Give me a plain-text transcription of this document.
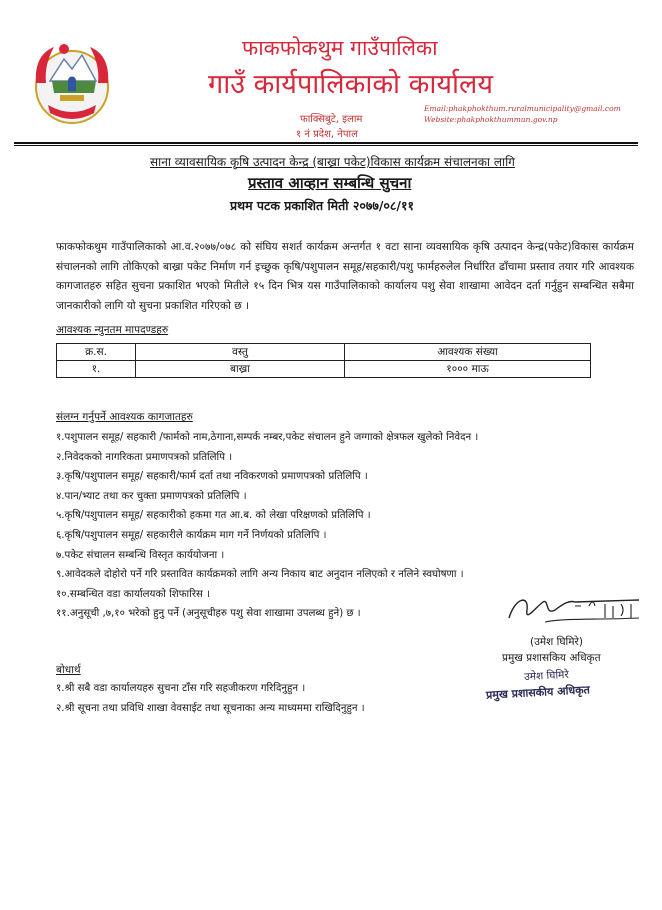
फाकफोकथुम गाउँपालिका
गाउँ कार्यपालिकाको कार्यालय
फाक्सिबुटे, इलाम
१ नं प्रदेश, नेपाल
Email:phakphokthum.ruralmunicipality@gmail.com
Website:phakphokthummun.gov.np
साना व्यावसायिक कृषि उत्पादन केन्द्र (बाख्रा पकेट)विकास कार्यक्रम संचालनका लागि
प्रस्ताव आव्हान सम्बन्धि सुचना
प्रथम पटक प्रकाशित मिती २०७७/०८/११
फाकफोकथुम गाउँपालिकाको आ.व.२०७७/०७८ को संघिय सशर्त कार्यक्रम अन्तर्गत १ वटा साना व्यवसायिक कृषि उत्पादन केन्द्र(पकेट)विकास कार्यक्रम संचालनको लागि तोकिएको बाख्रा पकेट निर्माण गर्न इच्छुक कृषि/पशुपालन समूह/सहकारी/पशु फार्महरुलेल निर्धारित ढाँचामा प्रस्ताव तयार गरि आवश्यक कागजातहरु सहित सुचना प्रकाशित भएको मितीले १५ दिन भित्र यस गाउँपालिकाको कार्यालय पशु सेवा शाखामा आवेदन दर्ता गर्नुहुन सम्बन्धित सबैमा जानकारीको लागि यो सुचना प्रकाशित गरिएको छ ।
आवश्यक न्युनतम मापदण्डहरु
क्र.स.	वस्तु	आवश्यक संख्या
१.	बाख्रा	१००० माऊ
संलग्न गर्नुपर्ने आवश्यक कागजातहरु
१.पशुपालन समूह/ सहकारी /फार्मको नाम,ठेगाना,सम्पर्क नम्बर,पकेट संचालन हुने जग्गाको क्षेत्रफल खुलेको निवेदन ।
२.निवेदकको नागरिकता प्रमाणपत्रको प्रतिलिपि ।
३.कृषि/पशुपालन समूह/ सहकारी/फार्म दर्ता तथा नविकरणको प्रमाणपत्रको प्रतिलिपि ।
४.पान/भ्याट तथा कर चुक्ता प्रमाणपत्रको प्रतिलिपि ।
५.कृषि/पशुपालन समूह/ सहकारीको हकमा गत आ.ब. को लेखा परिक्षणको प्रतिलिपि ।
६.कृषि/पशुपालन समूह/ सहकारीले कार्यक्रम माग गर्ने निर्णयको प्रतिलिपि ।
७.पकेट संचालन सम्बन्धि विस्तृत कार्ययोजना ।
९.आवेदकले दोहोरो पर्ने गरि प्रस्तावित कार्यक्रमको लागि अन्य निकाय बाट अनुदान नलिएको र नलिने स्वघोषणा ।
१०.सम्बन्धित वडा कार्यालयको शिफारिस ।
११.अनुसूची ,७,१० भरेको हुनु पर्ने (अनुसूचीहरु पशु सेवा शाखामा उपलब्ध हुने) छ ।
(उमेश घिमिरे)
प्रमुख प्रशासकिय अधिकृत
उमेश घिमिरे
प्रमुख प्रशासकीय अधिकृत
बोधार्थ
१.श्री सबै वडा कार्यालयहरु सुचना टाँस गरि सहजीकरण गरिदिनुहुन ।
२.श्री सूचना तथा प्रविधि शाखा वेवसाईट तथा सूचनाका अन्य माध्यममा राखिदिनुहुन ।
